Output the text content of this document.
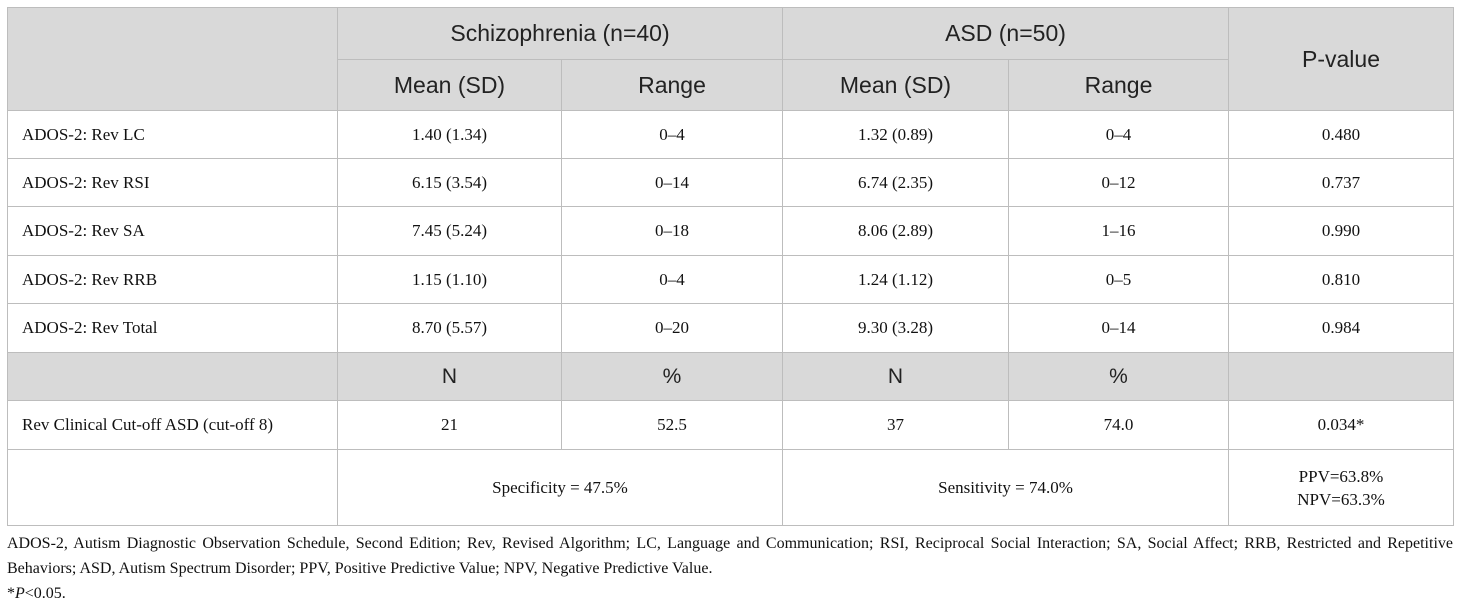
	Schizophrenia (n=40)		ASD (n=50)		P-value
	Mean (SD)	Range	Mean (SD)	Range	
ADOS-2: Rev LC	1.40 (1.34)	0–4	1.32 (0.89)	0–4	0.480
ADOS-2: Rev RSI	6.15 (3.54)	0–14	6.74 (2.35)	0–12	0.737
ADOS-2: Rev SA	7.45 (5.24)	0–18	8.06 (2.89)	1–16	0.990
ADOS-2: Rev RRB	1.15 (1.10)	0–4	1.24 (1.12)	0–5	0.810
ADOS-2: Rev Total	8.70 (5.57)	0–20	9.30 (3.28)	0–14	0.984
	N	%	N	%	
Rev Clinical Cut-off ASD (cut-off 8)	21	52.5	37	74.0	0.034*
	Specificity = 47.5%		Sensitivity = 74.0%		PPV=63.8%
NPV=63.3%

ADOS-2, Autism Diagnostic Observation Schedule, Second Edition; Rev, Revised Algorithm; LC, Language and Communication; RSI, Reciprocal Social Interaction; SA, Social Affect; RRB, Restricted and Repetitive Behaviors; ASD, Autism Spectrum Disorder; PPV, Positive Predictive Value; NPV, Negative Predictive Value.

*P<0.05.
